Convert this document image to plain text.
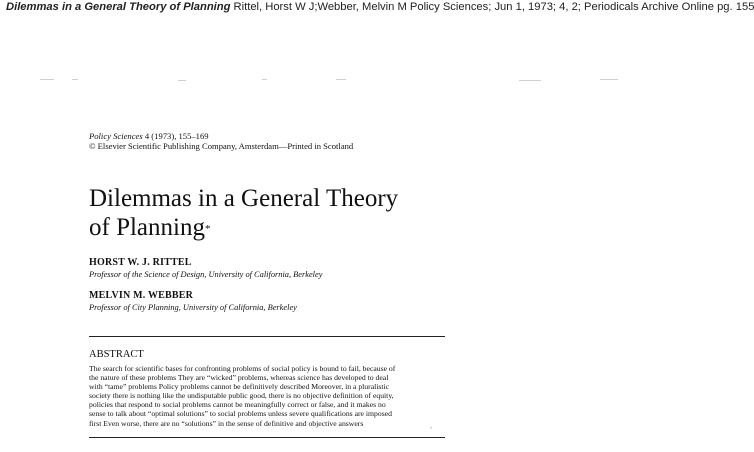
Dilemmas in a General Theory of Planning Rittel, Horst W J;Webber, Melvin M Policy Sciences; Jun 1, 1973; 4, 2; Periodicals Archive Online pg. 155
Policy Sciences 4 (1973), 155–169
© Elsevier Scientific Publishing Company, Amsterdam—Printed in Scotland
Dilemmas in a General Theory
of Planning*
HORST W. J. RITTEL
Professor of the Science of Design, University of California, Berkeley
MELVIN M. WEBBER
Professor of City Planning, University of California, Berkeley
ABSTRACT
The search for scientific bases for confronting problems of social policy is bound to fail, because of
the nature of these problems They are “wicked” problems, whereas science has developed to deal
with “tame” problems Policy problems cannot be definitively described Moreover, in a pluralistic
society there is nothing like the undisputable public good, there is no objective definition of equity,
policies that respond to social problems cannot be meaningfully correct or false, and it makes no
sense to talk about “optimal solutions” to social problems unless severe qualifications are imposed
first Even worse, there are no “solutions” in the sense of definitive and objective answers	ˏ
